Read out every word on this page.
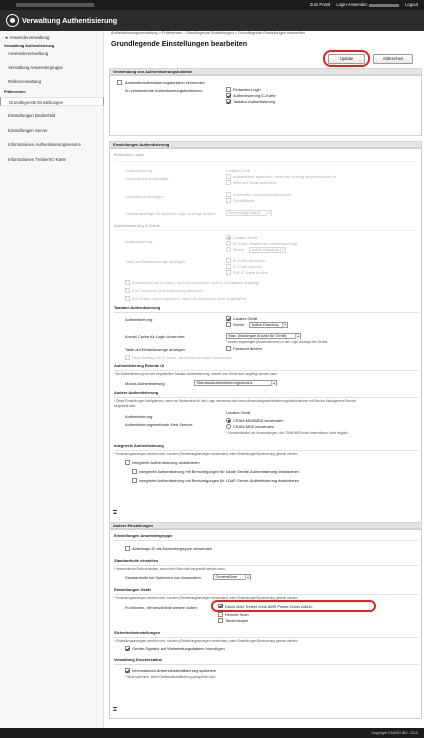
Zum Portal Login-Anwender:	Logout
Verwaltung Authentisierung
◄ Anwenderverwaltung
Verwaltung Authentisierung
Anwenderverwaltung
Verwaltung Anwendergruppe
Rollenverwaltung
Präferenzen
Grundlegende Einstellungen
Einstellungen Bedienfeld
Einstellungen Server
Informationen Authentisierungsservice
Informationen Treiber/IC-Karte
Authentisierungsverwaltung > Präferenzen : Grundlegende Einstellungen > Grundlegende Einstellungen bearbeiten
Grundlegende Einstellungen bearbeiten
Update	Abbrechen
Verwendung von Authentisierungsfunktion
Anwenderauthentisierungsfunktion verwenden
Zu verwendende Authentisierungsfunktionen:	Einfaches Login
Authentisierung IC-Karte
Tastatur-Authentisierung
Einstellungen Authentisierung
Einfaches Login
Authentisierung:	Lokales Gerät
Anwendersymbolanzeige:	Authentisiert speichern, wenn der Auftrag abgeschlossen ist
Wert auf Gerät speichern
Schaltfläche anzeigen:	Anwender mit Administratorrechte
Schaltfläche
Standardanzeige für einfache Login-Anzeige ändern:	Reihenfolge Name
Authentisierung IC-Karte
Authentisierung:
Lokales Gerät
IC-Karte (registrierte Authentisierung)
Server	Active Directory
Taste auf Einstellanzeige anzeigen:	IC-Karte speichern
IC-Karte löschen
PIN IC-Karte ändern
Authentisierung IC-Karte, auch ein Anwender nicht in Geräteliste angelegt
Erst Sicherheit-Authentisierung aktivieren
Auf lokales Gerät speichern, wenn ein Anwender nicht angelegt ist
Tastatur-Authentisierung
Authentisierung:	Lokales Gerät
Server	Active Directory
Anzahl Cache für Login-Anwender:	Max. (Maximale Anzahl für Gerät)
* Anzahl angezeigter (Anwendername) in der Login-Anzeige des Geräts
Taste auf Einstellanzeige anzeigen:	Passwort ändern
Nach Auftrag mit IC-Karte, als Anwendername verwenden
Authentisierung Remote UI
* Bei Authentisierung von der eingestellten Tastatur-Authentisierung, obwohl vom Gerät auch angelegt werden kann.
Modus Authentisierung:	Standardauthentisierungsmodus
Andere Authentisierung
* Diese Einstellungen konfigurieren, wenn ein Webservice für den Login verwendet oder wenn Anwendungsauthentisierungsinformationen mit Service Management Service
eingestellt sind.
Authentisierung:
Lokales Gerät
Authentisierungsmethode Web Service:
CRAM-MD5/MD5 verwenden
CRAM-MD5 verwenden
* Kommunikation mit Verwendungen, die CRAM-MD5 nicht unterstützen, nicht möglich.
Integrierte Authentisierung
* Einstellungsanzeigen werden nicht, sondern (Einstellungsanzeigen verwenden) unter Einstellungen/Speicherung gesetzt werden.
Integrierte Authentisierung deaktivieren
Integrierte Authentisierung mit Berechtigungen für lokale Geräte-Authentisierung deaktivieren
Integrierte Authentisierung mit Berechtigungen für LDAP-Server-Authentisierung deaktivieren
Andere Einstellungen
Einstellungen Anwendergruppe
Abteilungs-ID als Anwendergruppe verwenden
Standardrolle einstellen
* Verwendende Rolle einstellen, wenn eine Rolle nicht eingestellt werden kann.
Standardrolle bei Speichern von Anwendern:	GeneralUser
Einstellungen Gerät
* Einstellungsanzeigen werden nicht, sondern (Einstellungsanzeigen verwenden) unter Einstellungen/Speicherung gesetzt werden.
Funktionen, die beschränkt werden sollen:	Druck über Treiber ohne AMS Printer Driver Add-in
Remote Scan
Tandemkopie
Sicherheitseinstellungen
* Einstellungsanzeigen werden nicht, sondern (Einstellungsanzeigen verwenden) unter Einstellungen/Speicherung gesetzt werden.
Geräte-Signatur auf Weiterleitungsdateien hinzufügen
Verwaltung Druckerstatus
Informationen Anwenderidentifizierung speichern
* Nicht speichern, wenn Geräteauthentifizierung ausgeführt wird.
Copyright CANON INC. 2015
